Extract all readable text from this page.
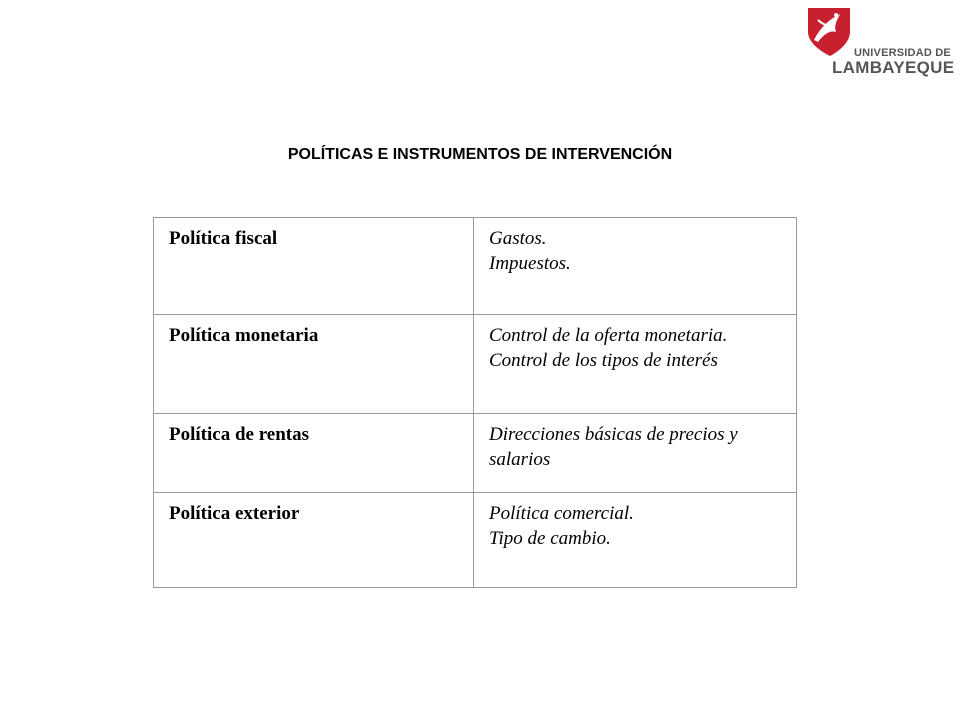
UNIVERSIDAD DE
LAMBAYEQUE
POLÍTICAS E INSTRUMENTOS DE INTERVENCIÓN
Política fiscal	Gastos.
Impuestos.

Política monetaria	Control de la oferta monetaria.
Control de los tipos de interés

Política de rentas	Direcciones básicas de precios y salarios

Política exterior	Política comercial.
Tipo de cambio.
